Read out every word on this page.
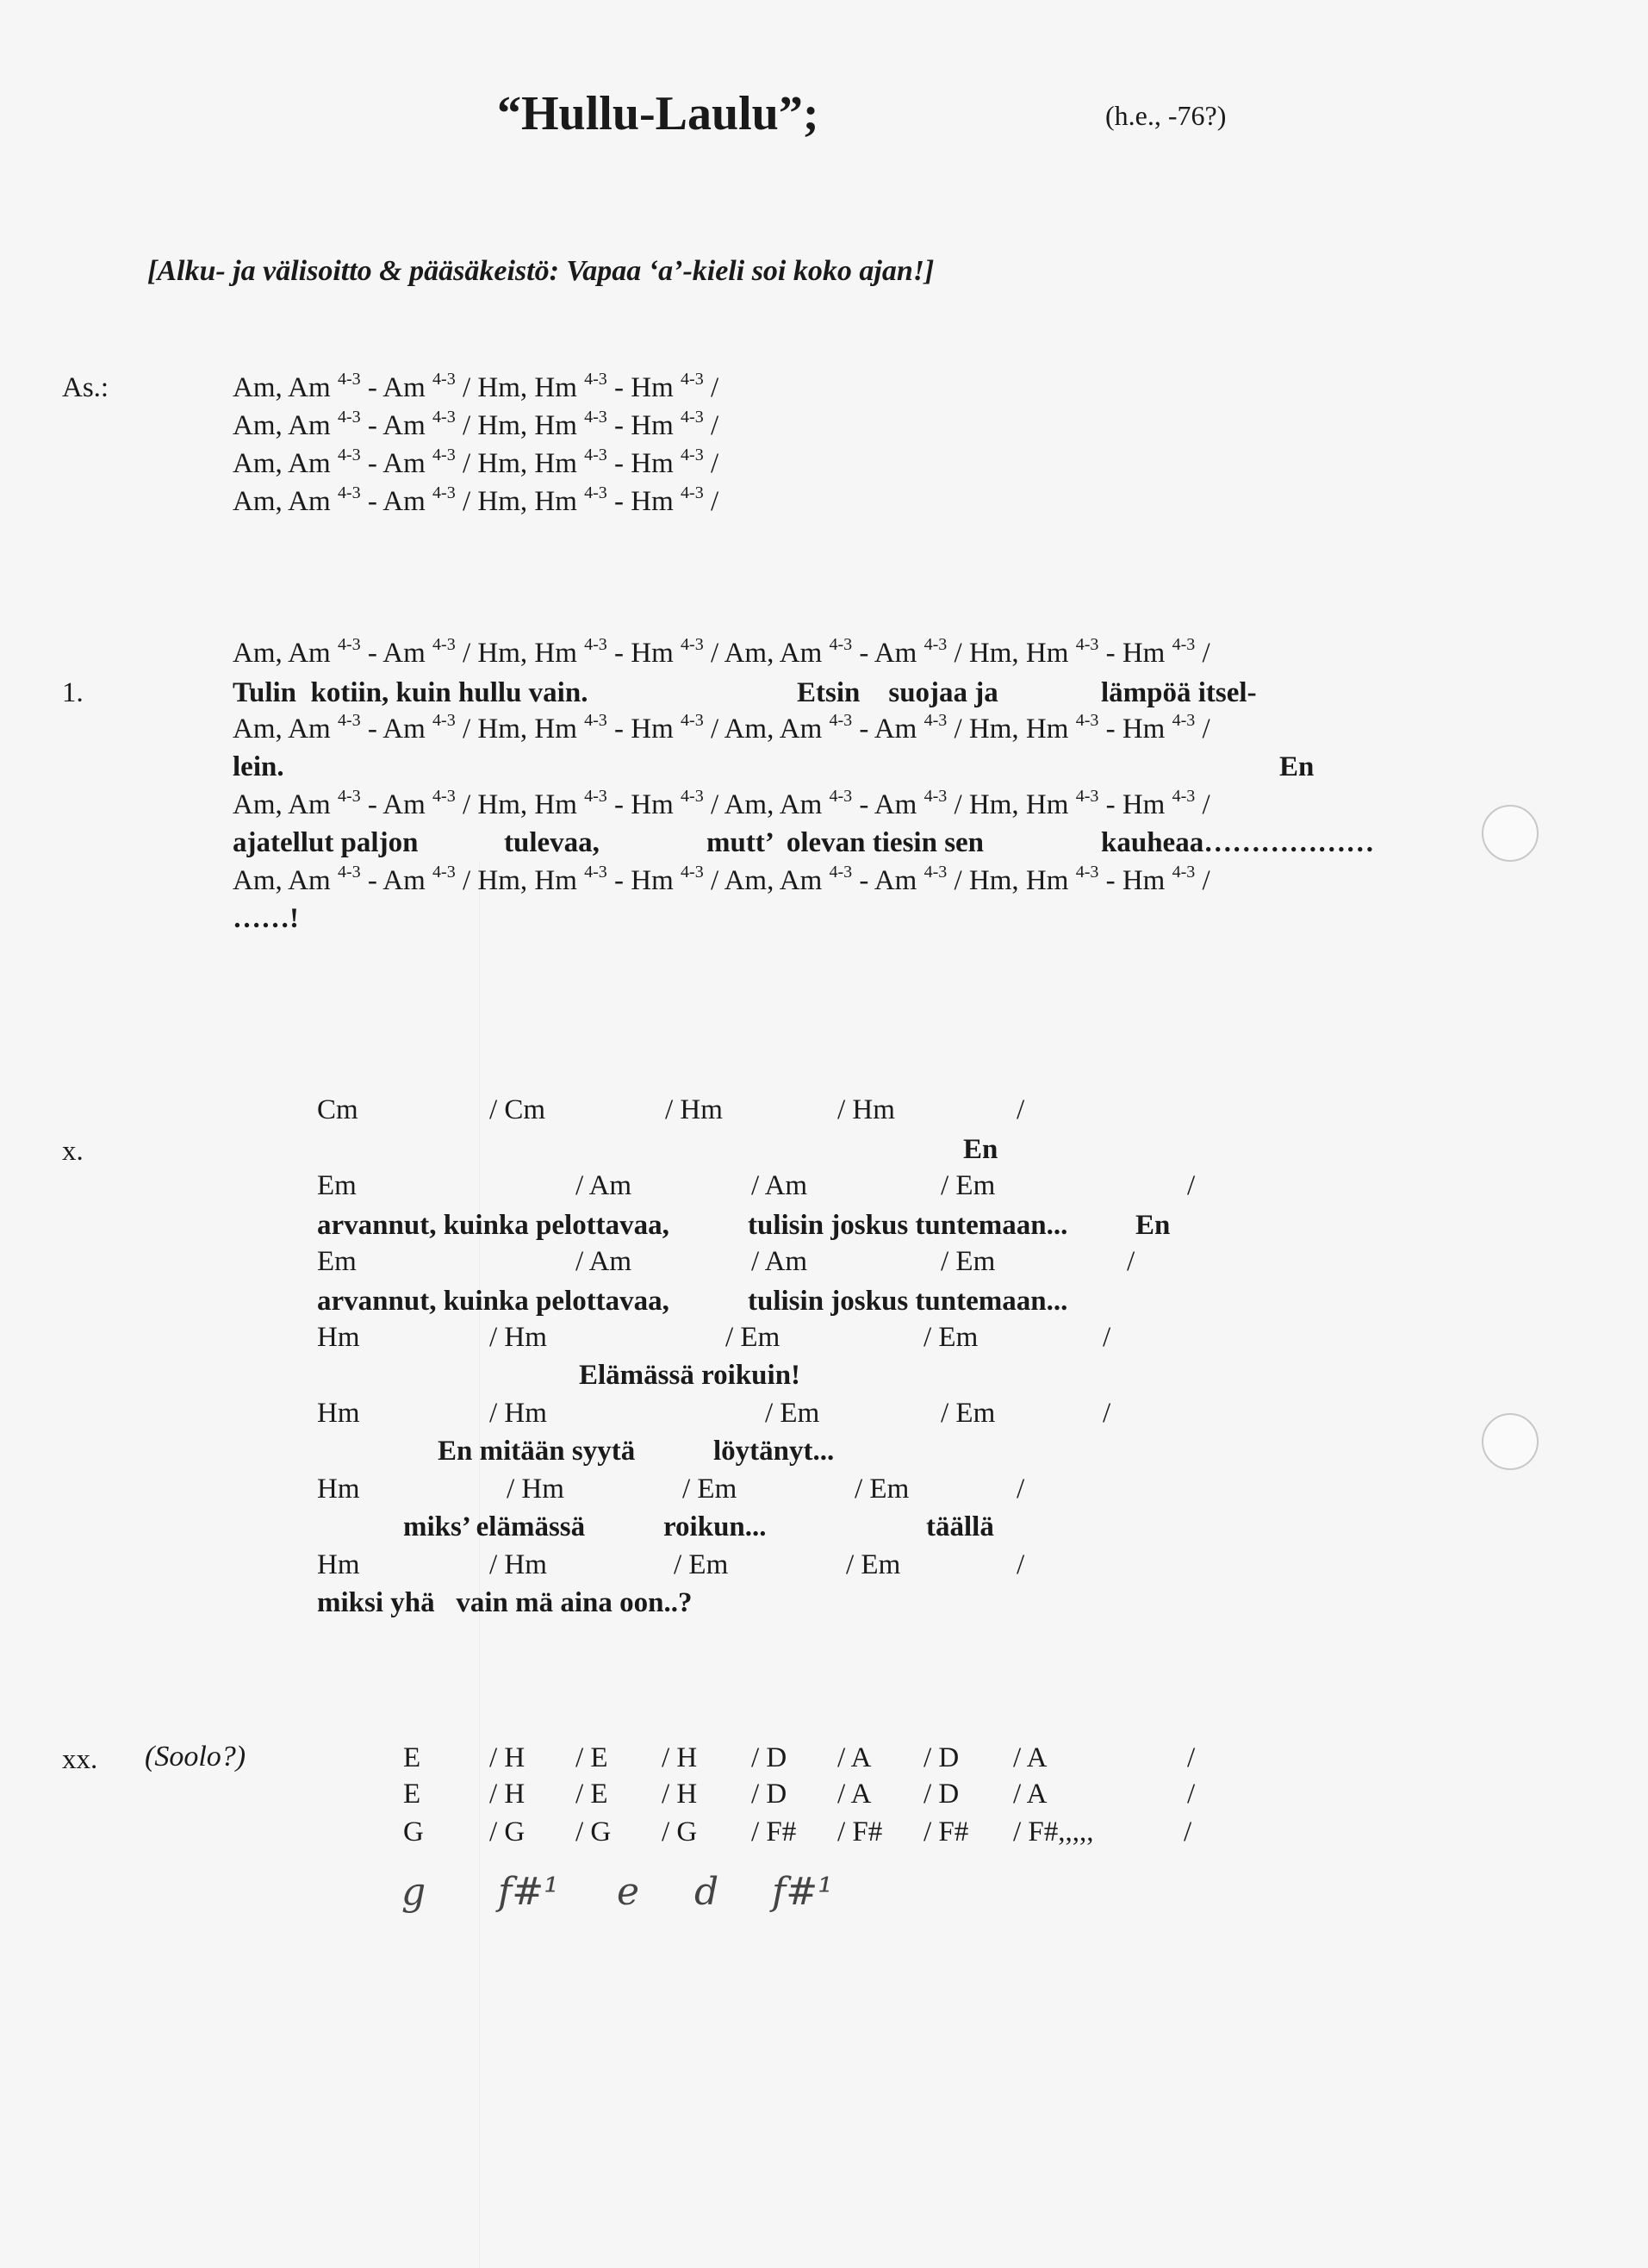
“Hullu-Laulu”;	(h.e., -76?)
[Alku- ja välisoitto & pääsäkeistö: Vapaa ‘a’-kieli soi koko ajan!]
As.:	Am, Am $^{4-3}$ - Am $^{4-3}$ / Hm, Hm $^{4-3}$ - Hm $^{4-3}$ /
Am, Am $^{4-3}$ - Am $^{4-3}$ / Hm, Hm $^{4-3}$ - Hm $^{4-3}$ /
Am, Am $^{4-3}$ - Am $^{4-3}$ / Hm, Hm $^{4-3}$ - Hm $^{4-3}$ /
Am, Am $^{4-3}$ - Am $^{4-3}$ / Hm, Hm $^{4-3}$ - Hm $^{4-3}$ /
1.
Am, Am $^{4-3}$ - Am $^{4-3}$ / Hm, Hm $^{4-3}$ - Hm $^{4-3}$ / Am, Am $^{4-3}$ - Am $^{4-3}$ / Hm, Hm $^{4-3}$ - Hm $^{4-3}$ /
Am, Am $^{4-3}$ - Am $^{4-3}$ / Hm, Hm $^{4-3}$ - Hm $^{4-3}$ / Am, Am $^{4-3}$ - Am $^{4-3}$ / Hm, Hm $^{4-3}$ - Hm $^{4-3}$ /
Am, Am $^{4-3}$ - Am $^{4-3}$ / Hm, Hm $^{4-3}$ - Hm $^{4-3}$ / Am, Am $^{4-3}$ - Am $^{4-3}$ / Hm, Hm $^{4-3}$ - Hm $^{4-3}$ /
Am, Am $^{4-3}$ - Am $^{4-3}$ / Hm, Hm $^{4-3}$ - Hm $^{4-3}$ / Am, Am $^{4-3}$ - Am $^{4-3}$ / Hm, Hm $^{4-3}$ - Hm $^{4-3}$ /
Tulin  kotiin, kuin hullu vain.	Etsin    suojaa ja	lämpöä itsel-
lein.	En
ajatellut paljon	tulevaa,	mutt’  olevan tiesin sen	kauheaa………………
……!
x.
Cm	/ Cm	/ Hm	/ Hm	/
En
Em	/ Am	/ Am	/ Em	/
arvannut, kuinka pelottavaa,	tulisin joskus tuntemaan... En
Em	/ Am	/ Am	/ Em	/
arvannut, kuinka pelottavaa,	tulisin joskus tuntemaan...
Hm	/ Hm	/ Em	/ Em	/
Elämässä roikuin!
Hm	/ Hm	/ Em	/ Em	/
En mitään syytä	löytänyt...
Hm	/ Hm	/ Em	/ Em	/
miks’ elämässä	roikun...	täällä
Hm	/ Hm	/ Em	/ Em	/
miksi yhä   vain mä aina oon..?
xx. (Soolo?)	E / H / E / H / D / A / D / A	/
E / H / E / H / D / A / D / A	/
G / G / G / G / F# / F# / F# / F#,,,,,	/
g f#¹ e d f#¹
